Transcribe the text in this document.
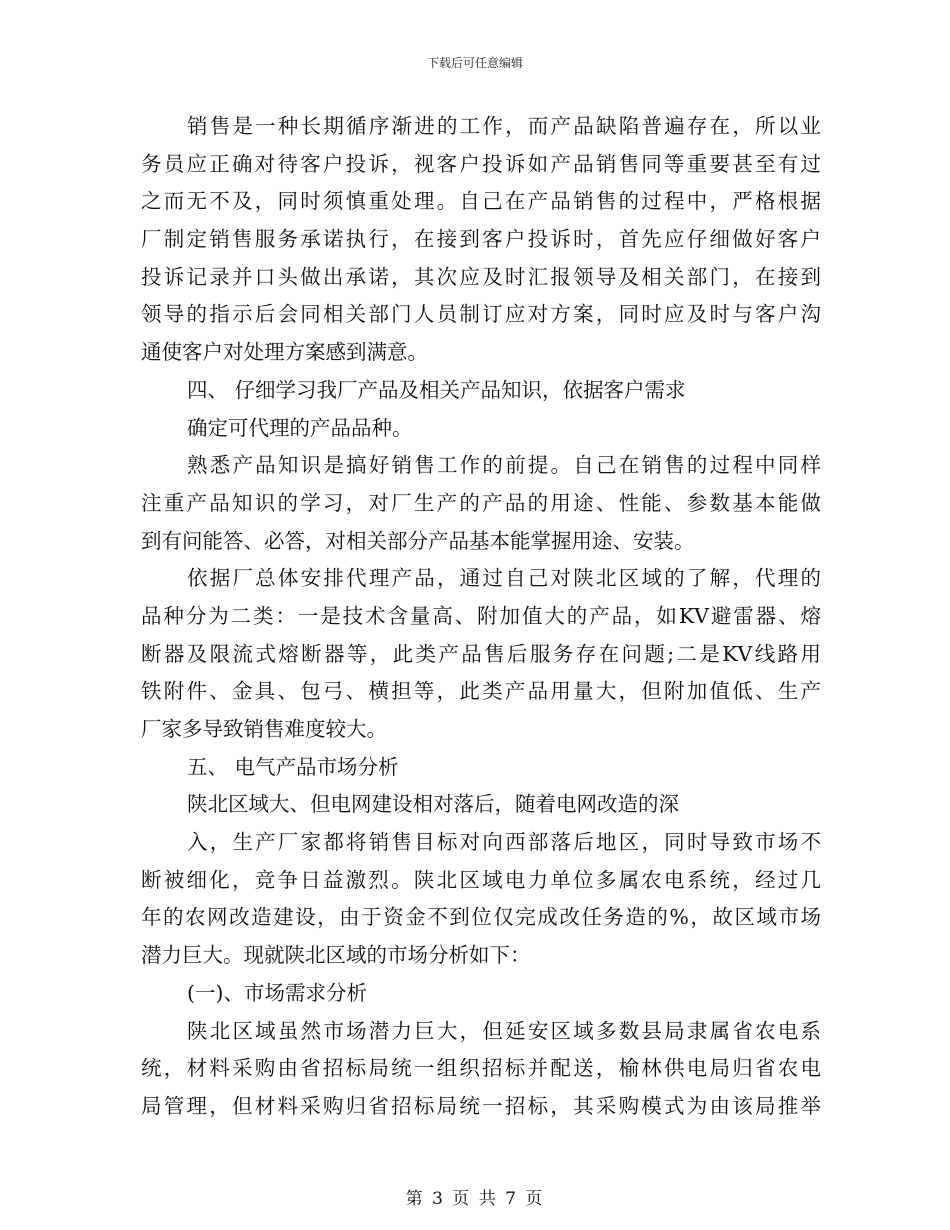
下载后可任意编辑
销售是一种长期循序渐进的工作，而产品缺陷普遍存在，所以业
务员应正确对待客户投诉，视客户投诉如产品销售同等重要甚至有过
之而无不及，同时须慎重处理。自己在产品销售的过程中，严格根据
厂制定销售服务承诺执行，在接到客户投诉时，首先应仔细做好客户
投诉记录并口头做出承诺，其次应及时汇报领导及相关部门，在接到
领导的指示后会同相关部门人员制订应对方案，同时应及时与客户沟
通使客户对处理方案感到满意。
四、 仔细学习我厂产品及相关产品知识，依据客户需求
确定可代理的产品品种。
熟悉产品知识是搞好销售工作的前提。自己在销售的过程中同样
注重产品知识的学习，对厂生产的产品的用途、性能、参数基本能做
到有问能答、必答，对相关部分产品基本能掌握用途、安装。
依据厂总体安排代理产品，通过自己对陕北区域的了解，代理的
品种分为二类：一是技术含量高、附加值大的产品，如KV避雷器、熔
断器及限流式熔断器等，此类产品售后服务存在问题;二是KV线路用
铁附件、金具、包弓、横担等，此类产品用量大，但附加值低、生产
厂家多导致销售难度较大。
五、 电气产品市场分析
陕北区域大、但电网建设相对落后，随着电网改造的深
入，生产厂家都将销售目标对向西部落后地区，同时导致市场不
断被细化，竞争日益激烈。陕北区域电力单位多属农电系统，经过几
年的农网改造建设，由于资金不到位仅完成改任务造的%，故区域市场
潜力巨大。现就陕北区域的市场分析如下：
(一)、市场需求分析
陕北区域虽然市场潜力巨大，但延安区域多数县局隶属省农电系
统，材料采购由省招标局统一组织招标并配送，榆林供电局归省农电
局管理，但材料采购归省招标局统一招标，其采购模式为由该局推举
第 3 页 共 7 页
